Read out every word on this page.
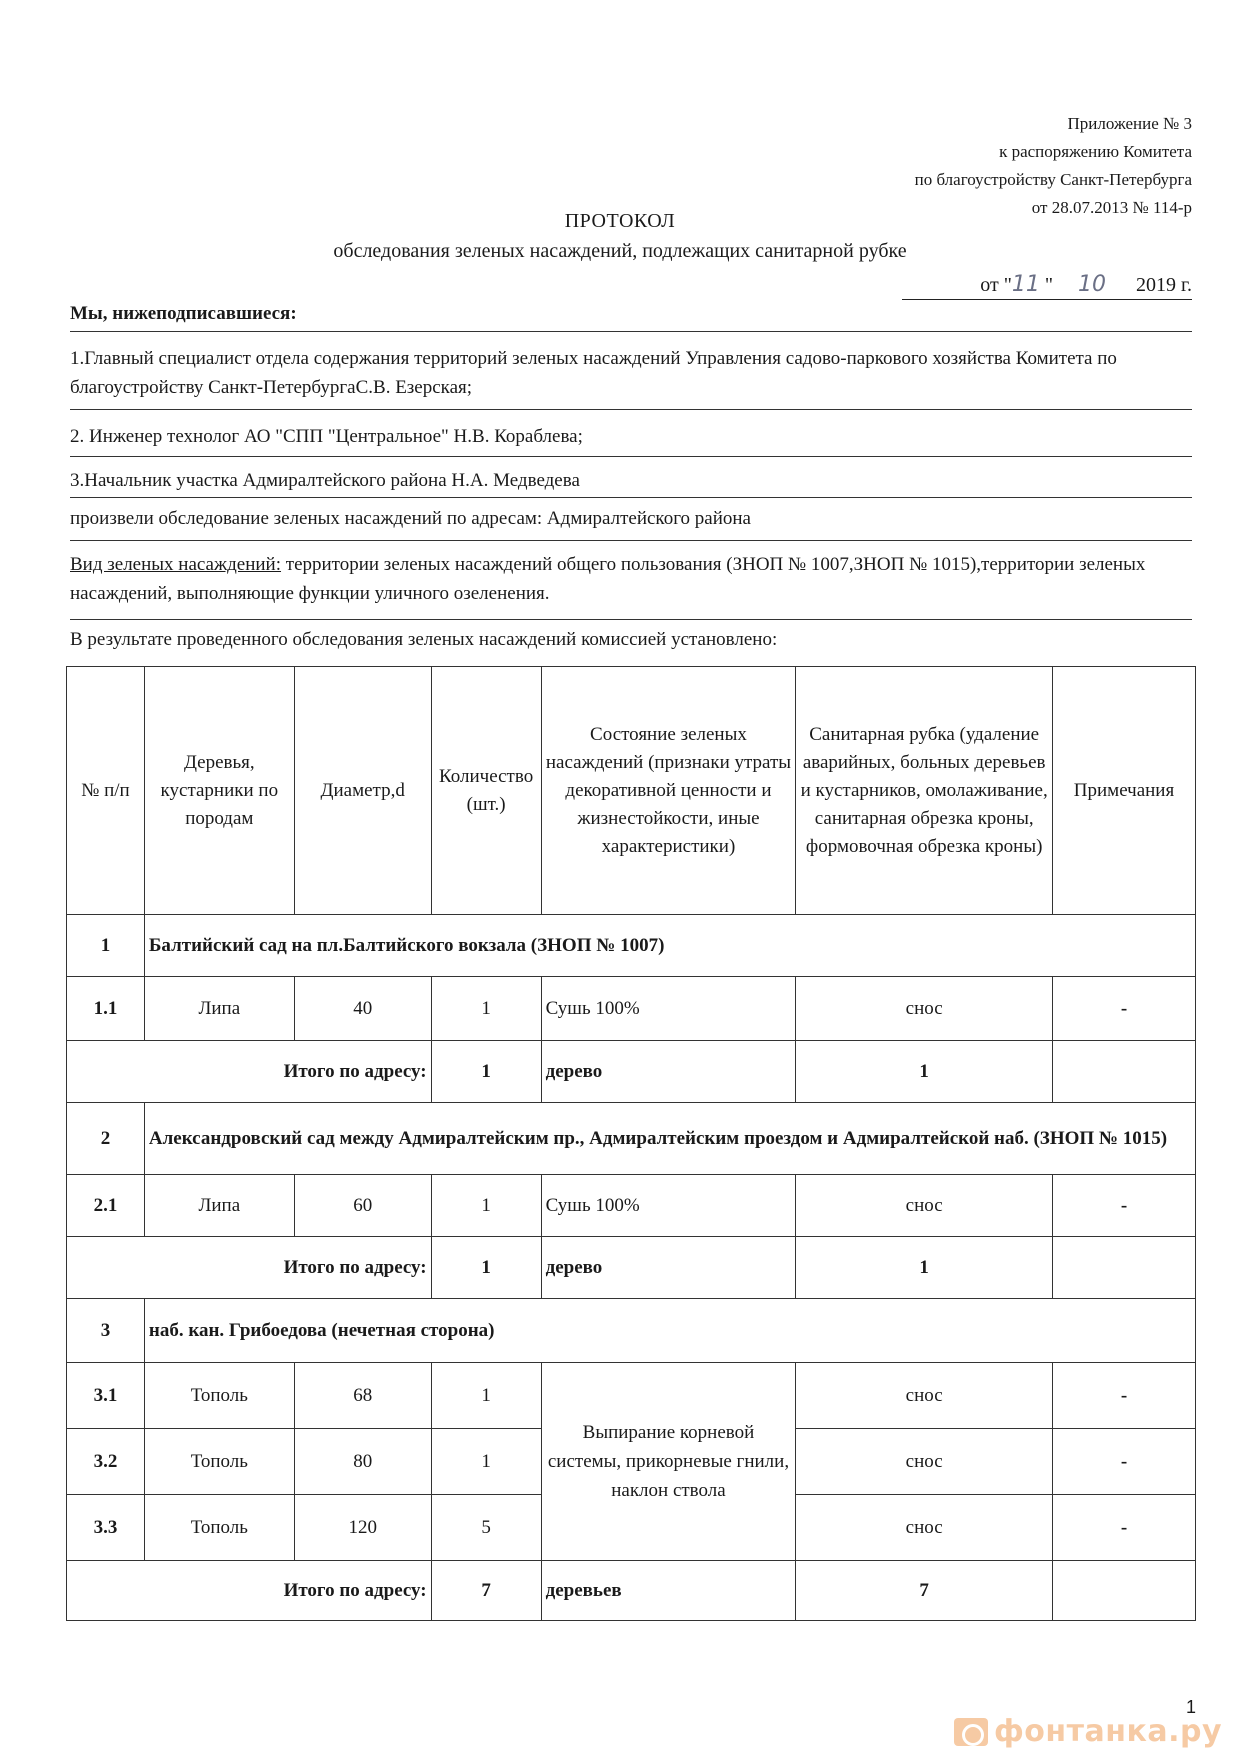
Приложение № 3
к распоряжению Комитета
по благоустройству Санкт-Петербурга
от 28.07.2013 № 114-р
ПРОТОКОЛ
обследования зеленых насаждений, подлежащих санитарной рубке
от "11 " 10 2019 г.
Мы, нижеподписавшиеся:
1.Главный специалист отдела содержания территорий зеленых насаждений Управления садово-паркового хозяйства Комитета по благоустройству Санкт-ПетербургаС.В. Езерская;
2. Инженер технолог АО "СПП "Центральное" Н.В. Кораблева;
3.Начальник участка Адмиралтейского района Н.А. Медведева
произвели обследование зеленых насаждений по адресам: Адмиралтейского района
Вид зеленых насаждений: территории зеленых насаждений общего пользования (ЗНОП № 1007,ЗНОП № 1015),территории зеленых насаждений, выполняющие функции уличного озеленения.
В результате проведенного обследования зеленых насаждений комиссией установлено:
№ п/п	Деревья, кустарники по породам	Диаметр,d	Количество (шт.)	Состояние зеленых насаждений (признаки утраты декоративной ценности и жизнестойкости, иные характеристики)	Санитарная рубка (удаление аварийных, больных деревьев и кустарников, омолаживание, санитарная обрезка кроны, формовочная обрезка кроны)	Примечания
1	Балтийский сад на пл.Балтийского вокзала (ЗНОП № 1007)					
1.1	Липа	40	1	Сушь 100%	снос	-
Итого по адресу:			1	дерево	1	
2	Александровский сад между Адмиралтейским пр., Адмиралтейским проездом и Адмиралтейской наб. (ЗНОП № 1015)					
2.1	Липа	60	1	Сушь 100%	снос	-
Итого по адресу:			1	дерево	1	
3	наб. кан. Грибоедова (нечетная сторона)					
3.1	Тополь	68	1	Выпирание корневой системы, прикорневые гнили, наклон ствола	снос	-
3.2	Тополь	80	1		снос	-
3.3	Тополь	120	5		снос	-
Итого по адресу:			7	деревьев	7	
1
фонтанка.ру
